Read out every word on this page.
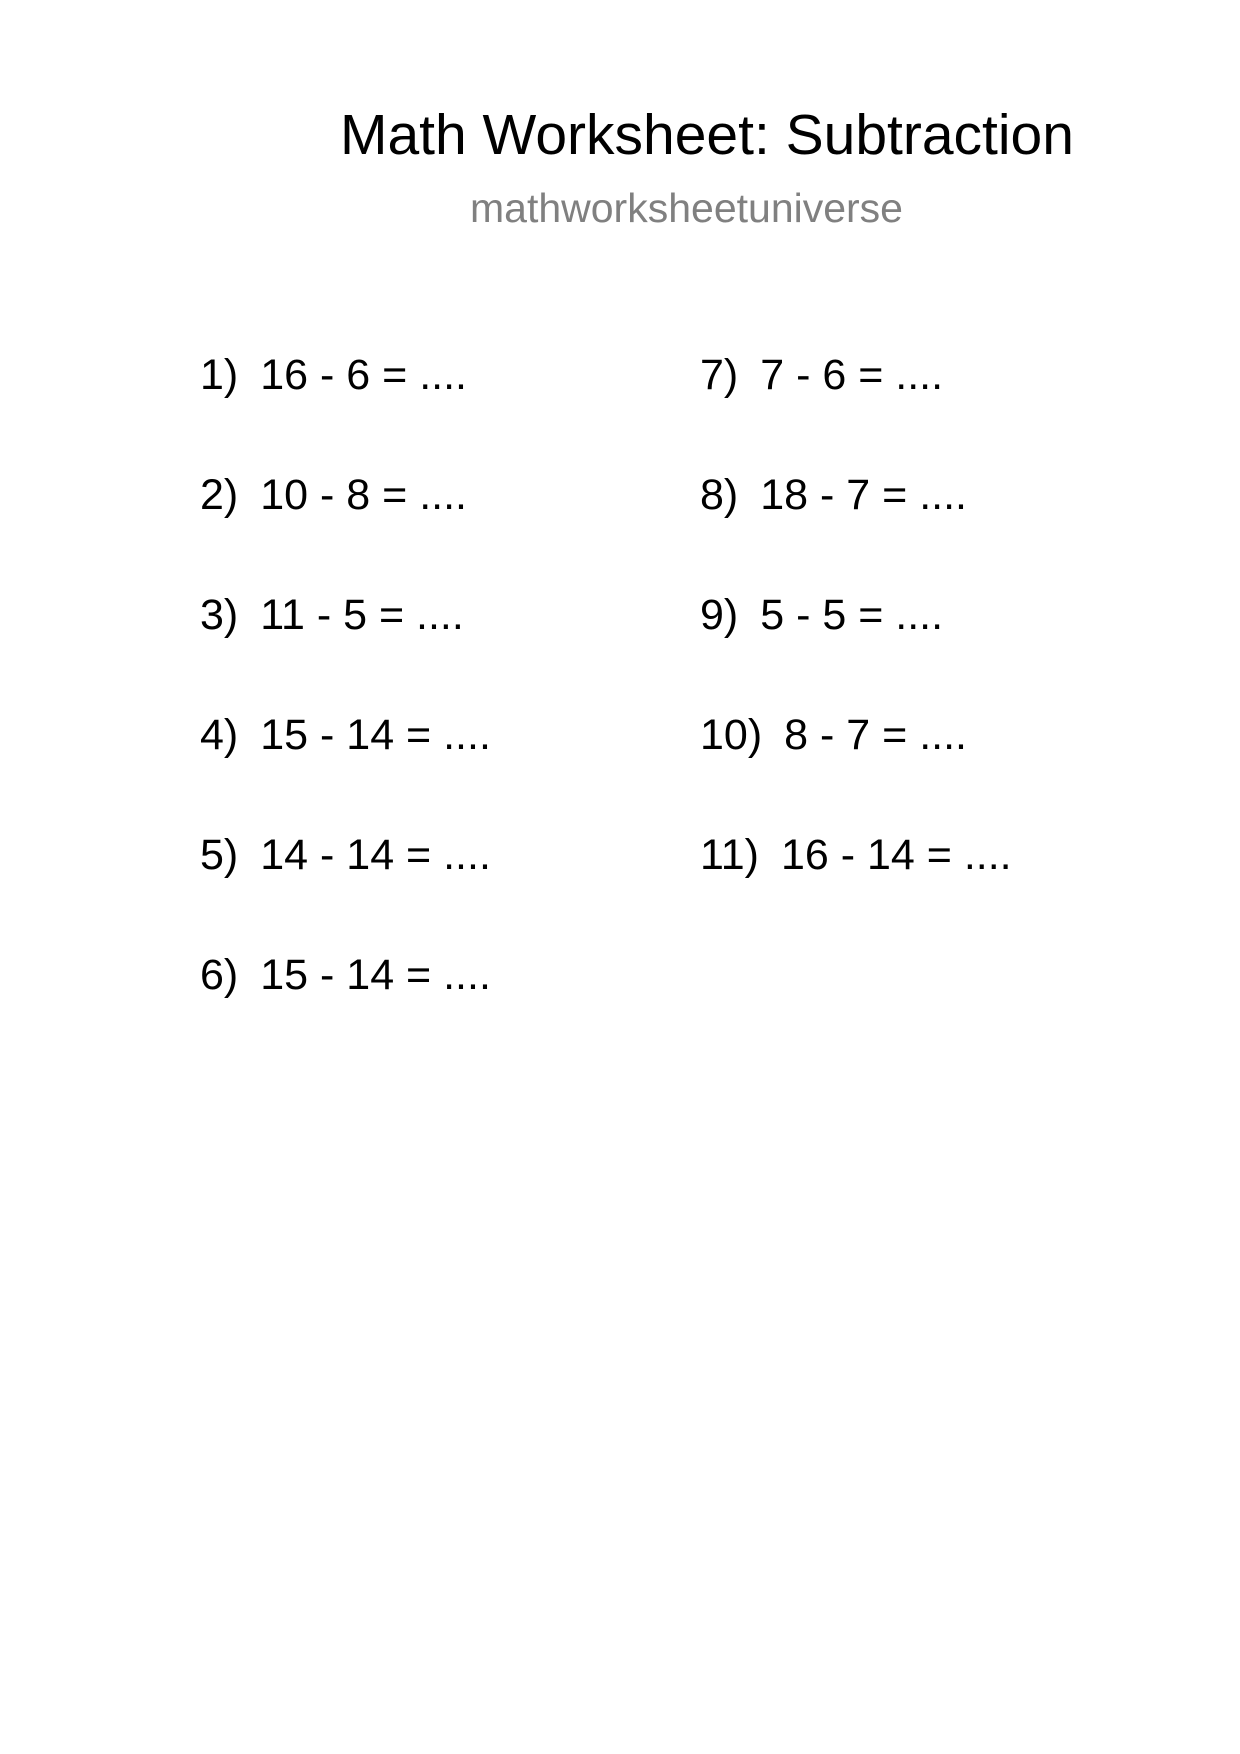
Math Worksheet: Subtraction
mathworksheetuniverse
1) 16 - 6 = ....
2) 10 - 8 = ....
3) 11 - 5 = ....
4) 15 - 14 = ....
5) 14 - 14 = ....
6) 15 - 14 = ....
7) 7 - 6 = ....
8) 18 - 7 = ....
9) 5 - 5 = ....
10) 8 - 7 = ....
11) 16 - 14 = ....
